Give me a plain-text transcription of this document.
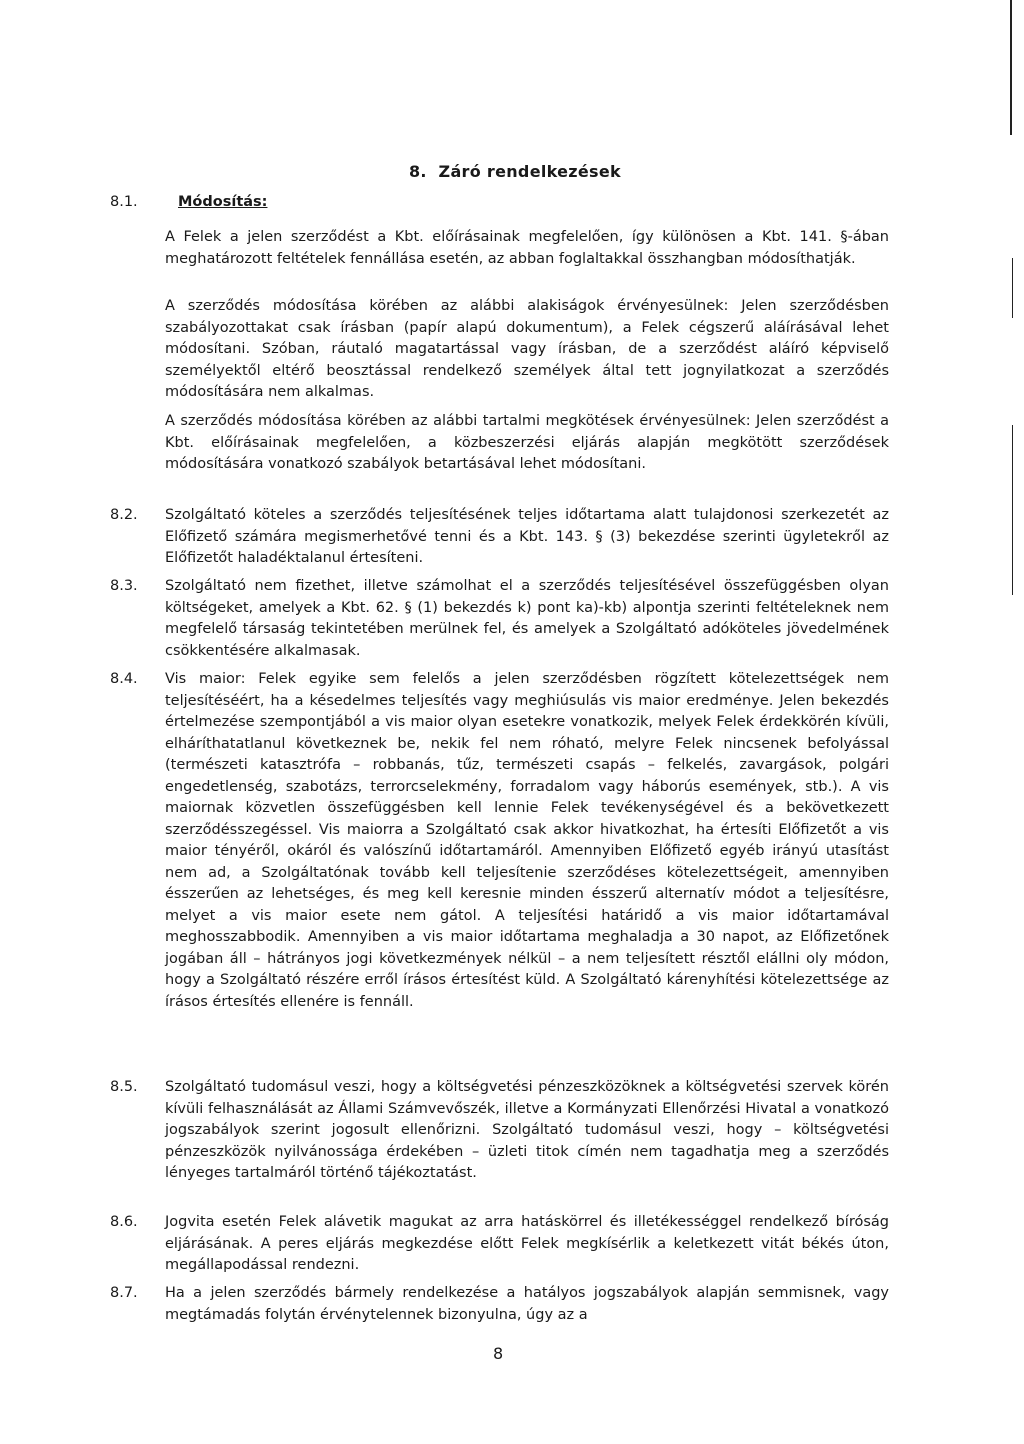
8.  Záró rendelkezések
8.1.	Módosítás:

A Felek a jelen szerződést a Kbt. előírásainak megfelelően, így különösen a Kbt. 141. §-ában meghatározott feltételek fennállása esetén, az abban foglaltakkal összhangban módosíthatják.

A szerződés módosítása körében az alábbi alakiságok érvényesülnek: Jelen szerződésben szabályozottakat csak írásban (papír alapú dokumentum), a Felek cégszerű aláírásával lehet módosítani. Szóban, ráutaló magatartással vagy írásban, de a szerződést aláíró képviselő személyektől eltérő beosztással rendelkező személyek által tett jognyilatkozat a szerződés módosítására nem alkalmas.

A szerződés módosítása körében az alábbi tartalmi megkötések érvényesülnek: Jelen szerződést a Kbt. előírásainak megfelelően, a közbeszerzési eljárás alapján megkötött szerződések módosítására vonatkozó szabályok betartásával lehet módosítani.

8.2. Szolgáltató köteles a szerződés teljesítésének teljes időtartama alatt tulajdonosi szerkezetét az Előfizető számára megismerhetővé tenni és a Kbt. 143. § (3) bekezdése szerinti ügyletekről az Előfizetőt haladéktalanul értesíteni.

8.3. Szolgáltató nem fizethet, illetve számolhat el a szerződés teljesítésével összefüggésben olyan költségeket, amelyek a Kbt. 62. § (1) bekezdés k) pont ka)-kb) alpontja szerinti feltételeknek nem megfelelő társaság tekintetében merülnek fel, és amelyek a Szolgáltató adóköteles jövedelmének csökkentésére alkalmasak.

8.4. Vis maior: Felek egyike sem felelős a jelen szerződésben rögzített kötelezettségek nem teljesítéséért, ha a késedelmes teljesítés vagy meghiúsulás vis maior eredménye. Jelen bekezdés értelmezése szempontjából a vis maior olyan esetekre vonatkozik, melyek Felek érdekkörén kívüli, elháríthatatlanul következnek be, nekik fel nem róható, melyre Felek nincsenek befolyással (természeti katasztrófa – robbanás, tűz, természeti csapás – felkelés, zavargások, polgári engedetlenség, szabotázs, terrorcselekmény, forradalom vagy háborús események, stb.). A vis maiornak közvetlen összefüggésben kell lennie Felek tevékenységével és a bekövetkezett szerződésszegéssel. Vis maiorra a Szolgáltató csak akkor hivatkozhat, ha értesíti Előfizetőt a vis maior tényéről, okáról és valószínű időtartamáról. Amennyiben Előfizető egyéb irányú utasítást nem ad, a Szolgáltatónak tovább kell teljesítenie szerződéses kötelezettségeit, amennyiben ésszerűen az lehetséges, és meg kell keresnie minden ésszerű alternatív módot a teljesítésre, melyet a vis maior esete nem gátol. A teljesítési határidő a vis maior időtartamával meghosszabbodik. Amennyiben a vis maior időtartama meghaladja a 30 napot, az Előfizetőnek jogában áll – hátrányos jogi következmények nélkül – a nem teljesített résztől elállni oly módon, hogy a Szolgáltató részére erről írásos értesítést küld. A Szolgáltató kárenyhítési kötelezettsége az írásos értesítés ellenére is fennáll.

8.5. Szolgáltató tudomásul veszi, hogy a költségvetési pénzeszközöknek a költségvetési szervek körén kívüli felhasználását az Állami Számvevőszék, illetve a Kormányzati Ellenőrzési Hivatal a vonatkozó jogszabályok szerint jogosult ellenőrizni. Szolgáltató tudomásul veszi, hogy – költségvetési pénzeszközök nyilvánossága érdekében – üzleti titok címén nem tagadhatja meg a szerződés lényeges tartalmáról történő tájékoztatást.

8.6. Jogvita esetén Felek alávetik magukat az arra hatáskörrel és illetékességgel rendelkező bíróság eljárásának. A peres eljárás megkezdése előtt Felek megkísérlik a keletkezett vitát békés úton, megállapodással rendezni.

8.7. Ha a jelen szerződés bármely rendelkezése a hatályos jogszabályok alapján semmisnek, vagy megtámadás folytán érvénytelennek bizonyulna, úgy az a

8
